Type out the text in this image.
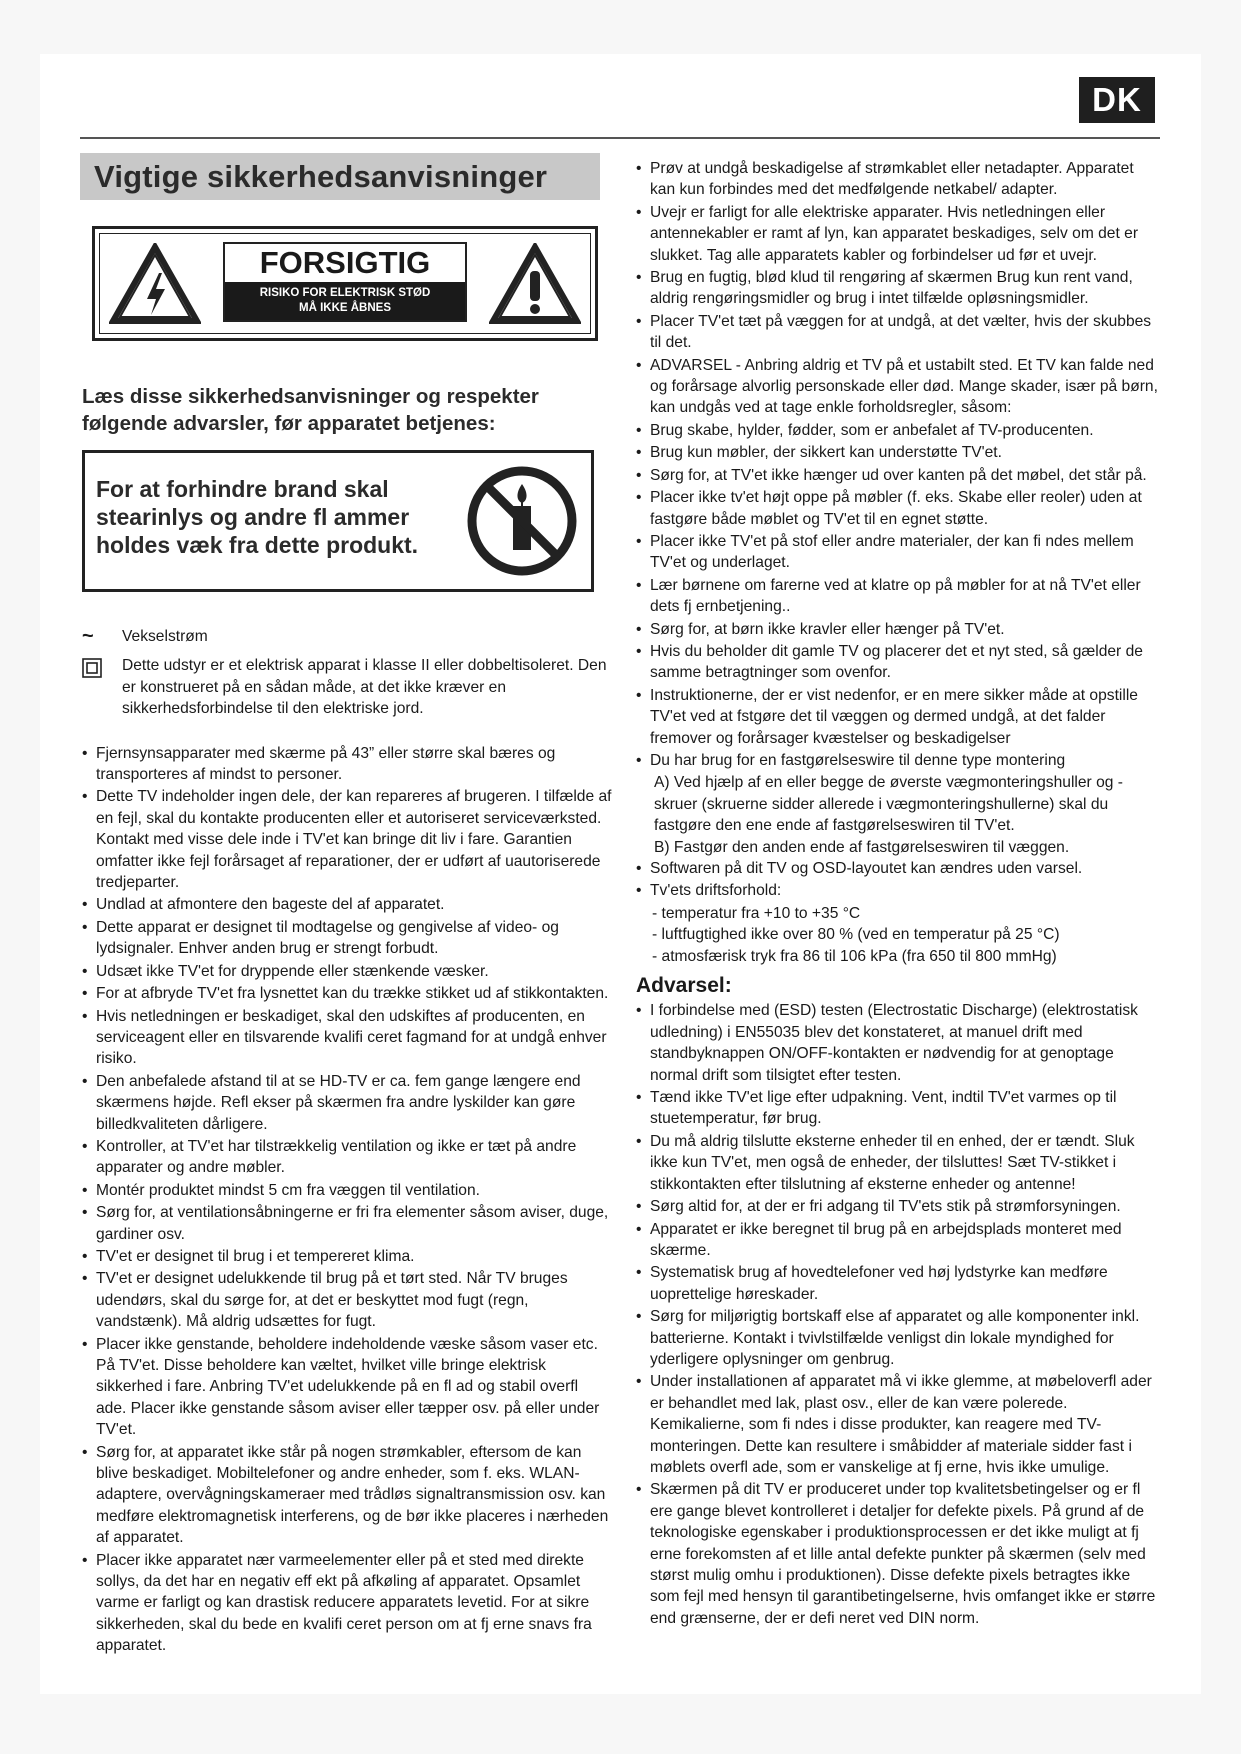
DK
Vigtige sikkerhedsanvisninger
FORSIGTIG
RISIKO FOR ELEKTRISK STØD
MÅ IKKE ÅBNES
Læs disse sikkerhedsanvisninger og respekter følgende advarsler, før apparatet betjenes:

For at forhindre brand skal stearinlys og andre fl ammer holdes væk fra dette produkt.

~ Vekselstrøm
Dette udstyr er et elektrisk apparat i klasse II eller dobbeltisoleret. Den er konstrueret på en sådan måde, at det ikke kræver en sikkerhedsforbindelse til den elektriske jord.
• Fjernsynsapparater med skærme på 43” eller større skal bæres og transporteres af mindst to personer.
• Dette TV indeholder ingen dele, der kan repareres af brugeren. I tilfælde af en fejl, skal du kontakte producenten eller et autoriseret serviceværksted. Kontakt med visse dele inde i TV'et kan bringe dit liv i fare. Garantien omfatter ikke fejl forårsaget af reparationer, der er udført af uautoriserede tredjeparter.
• Undlad at afmontere den bageste del af apparatet.
• Dette apparat er designet til modtagelse og gengivelse af video- og lydsignaler. Enhver anden brug er strengt forbudt.
• Udsæt ikke TV'et for dryppende eller stænkende væsker.
• For at afbryde TV'et fra lysnettet kan du trække stikket ud af stikkontakten.
• Hvis netledningen er beskadiget, skal den udskiftes af producenten, en serviceagent eller en tilsvarende kvalifi ceret fagmand for at undgå enhver risiko.
• Den anbefalede afstand til at se HD-TV er ca. fem gange længere end skærmens højde. Refl ekser på skærmen fra andre lyskilder kan gøre billedkvaliteten dårligere.
• Kontroller, at TV'et har tilstrækkelig ventilation og ikke er tæt på andre apparater og andre møbler.
• Montér produktet mindst 5 cm fra væggen til ventilation.
• Sørg for, at ventilationsåbningerne er fri fra elementer såsom aviser, duge, gardiner osv.
• TV'et er designet til brug i et tempereret klima.
• TV'et er designet udelukkende til brug på et tørt sted. Når TV bruges udendørs, skal du sørge for, at det er beskyttet mod fugt (regn, vandstænk). Må aldrig udsættes for fugt.
• Placer ikke genstande, beholdere indeholdende væske såsom vaser etc. På TV'et. Disse beholdere kan væltet, hvilket ville bringe elektrisk sikkerhed i fare. Anbring TV'et udelukkende på en fl ad og stabil overfl ade. Placer ikke genstande såsom aviser eller tæpper osv. på eller under TV'et.
• Sørg for, at apparatet ikke står på nogen strømkabler, eftersom de kan blive beskadiget. Mobiltelefoner og andre enheder, som f. eks. WLAN-adaptere, overvågningskameraer med trådløs signaltransmission osv. kan medføre elektromagnetisk interferens, og de bør ikke placeres i nærheden af apparatet.
• Placer ikke apparatet nær varmeelementer eller på et sted med direkte sollys, da det har en negativ eff ekt på afkøling af apparatet. Opsamlet varme er farligt og kan drastisk reducere apparatets levetid. For at sikre sikkerheden, skal du bede en kvalifi ceret person om at fj erne snavs fra apparatet.
• Prøv at undgå beskadigelse af strømkablet eller netadapter. Apparatet kan kun forbindes med det medfølgende netkabel/ adapter.
• Uvejr er farligt for alle elektriske apparater. Hvis netledningen eller antennekabler er ramt af lyn, kan apparatet beskadiges, selv om det er slukket. Tag alle apparatets kabler og forbindelser ud før et uvejr.
• Brug en fugtig, blød klud til rengøring af skærmen Brug kun rent vand, aldrig rengøringsmidler og brug i intet tilfælde opløsningsmidler.
• Placer TV'et tæt på væggen for at undgå, at det vælter, hvis der skubbes til det.
• ADVARSEL - Anbring aldrig et TV på et ustabilt sted. Et TV kan falde ned og forårsage alvorlig personskade eller død. Mange skader, især på børn, kan undgås ved at tage enkle forholdsregler, såsom:
• Brug skabe, hylder, fødder, som er anbefalet af TV-producenten.
• Brug kun møbler, der sikkert kan understøtte TV'et.
• Sørg for, at TV'et ikke hænger ud over kanten på det møbel, det står på.
• Placer ikke tv'et højt oppe på møbler (f. eks. Skabe eller reoler) uden at fastgøre både møblet og TV'et til en egnet støtte.
• Placer ikke TV'et på stof eller andre materialer, der kan fi ndes mellem TV'et og underlaget.
• Lær børnene om farerne ved at klatre op på møbler for at nå TV'et eller dets fj ernbetjening..
• Sørg for, at børn ikke kravler eller hænger på TV'et.
• Hvis du beholder dit gamle TV og placerer det et nyt sted, så gælder de samme betragtninger som ovenfor.
• Instruktionerne, der er vist nedenfor, er en mere sikker måde at opstille TV'et ved at fstgøre det til væggen og dermed undgå, at det falder fremover og forårsager kvæstelser og beskadigelser
• Du har brug for en fastgørelseswire til denne type montering
A) Ved hjælp af en eller begge de øverste vægmonteringshuller og -skruer (skruerne sidder allerede i vægmonteringshullerne) skal du fastgøre den ene ende af fastgørelseswiren til TV'et.
B) Fastgør den anden ende af fastgørelseswiren til væggen.
• Softwaren på dit TV og OSD-layoutet kan ændres uden varsel.
• Tv'ets driftsforhold:
- temperatur fra +10 to +35 °C
- luftfugtighed ikke over 80 % (ved en temperatur på 25 °C)
- atmosfærisk tryk fra 86 til 106 kPa (fra 650 til 800 mmHg)
Advarsel:
• I forbindelse med (ESD) testen (Electrostatic Discharge) (elektrostatisk udledning) i EN55035 blev det konstateret, at manuel drift med standbyknappen ON/OFF-kontakten er nødvendig for at genoptage normal drift som tilsigtet efter testen.
• Tænd ikke TV'et lige efter udpakning. Vent, indtil TV'et varmes op til stuetemperatur, før brug.
• Du må aldrig tilslutte eksterne enheder til en enhed, der er tændt. Sluk ikke kun TV'et, men også de enheder, der tilsluttes! Sæt TV-stikket i stikkontakten efter tilslutning af eksterne enheder og antenne!
• Sørg altid for, at der er fri adgang til TV'ets stik på strømforsyningen.
• Apparatet er ikke beregnet til brug på en arbejdsplads monteret med skærme.
• Systematisk brug af hovedtelefoner ved høj lydstyrke kan medføre uoprettelige høreskader.
• Sørg for miljørigtig bortskaff else af apparatet og alle komponenter inkl. batterierne. Kontakt i tvivlstilfælde venligst din lokale myndighed for yderligere oplysninger om genbrug.
• Under installationen af apparatet må vi ikke glemme, at møbeloverfl ader er behandlet med lak, plast osv., eller de kan være polerede. Kemikalierne, som fi ndes i disse produkter, kan reagere med TV-monteringen. Dette kan resultere i småbidder af materiale sidder fast i møblets overfl ade, som er vanskelige at fj erne, hvis ikke umulige.
• Skærmen på dit TV er produceret under top kvalitetsbetingelser og er fl ere gange blevet kontrolleret i detaljer for defekte pixels. På grund af de teknologiske egenskaber i produktionsprocessen er det ikke muligt at fj erne forekomsten af et lille antal defekte punkter på skærmen (selv med størst mulig omhu i produktionen). Disse defekte pixels betragtes ikke som fejl med hensyn til garantibetingelserne, hvis omfanget ikke er større end grænserne, der er defi neret ved DIN norm.
